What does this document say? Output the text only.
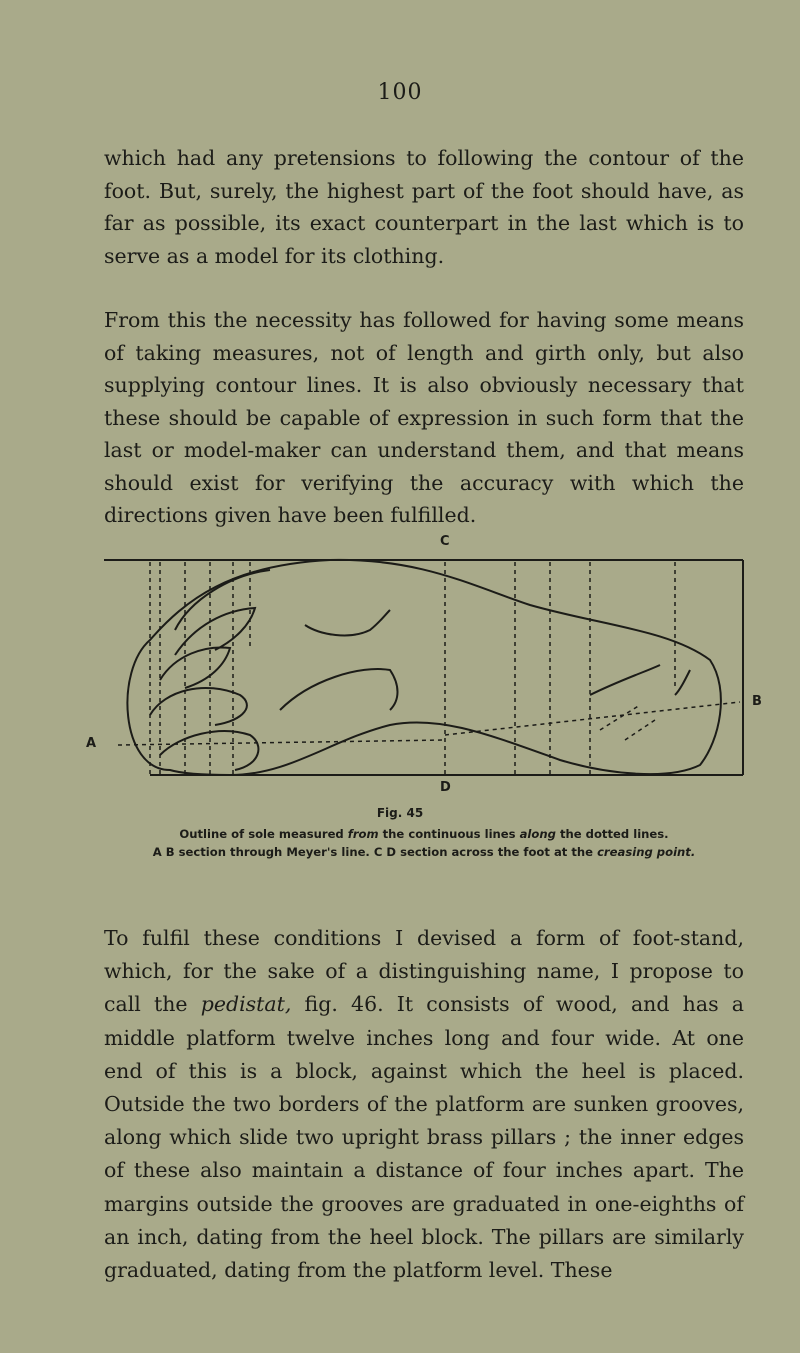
100

which had any pretensions to following the contour of the foot. But, surely, the highest part of the foot should have, as far as possible, its exact counterpart in the last which is to serve as a model for its clothing.

From this the necessity has followed for having some means of taking measures, not of length and girth only, but also supplying contour lines. It is also obviously necessary that these should be capable of expression in such form that the last or model-maker can understand them, and that means should exist for verifying the accuracy with which the directions given have been fulfilled.

C
D
A
B
Fig. 45

Outline of sole measured from the continuous lines along the dotted lines.

A B section through Meyer's line. C D section across the foot at the creasing point.

To fulfil these conditions I devised a form of foot-stand, which, for the sake of a distinguishing name, I propose to call the pedistat, fig. 46. It consists of wood, and has a middle platform twelve inches long and four wide. At one end of this is a block, against which the heel is placed. Outside the two borders of the platform are sunken grooves, along which slide two upright brass pillars ; the inner edges of these also maintain a distance of four inches apart. The margins outside the grooves are graduated in one-eighths of an inch, dating from the heel block. The pillars are similarly graduated, dating from the platform level. These
